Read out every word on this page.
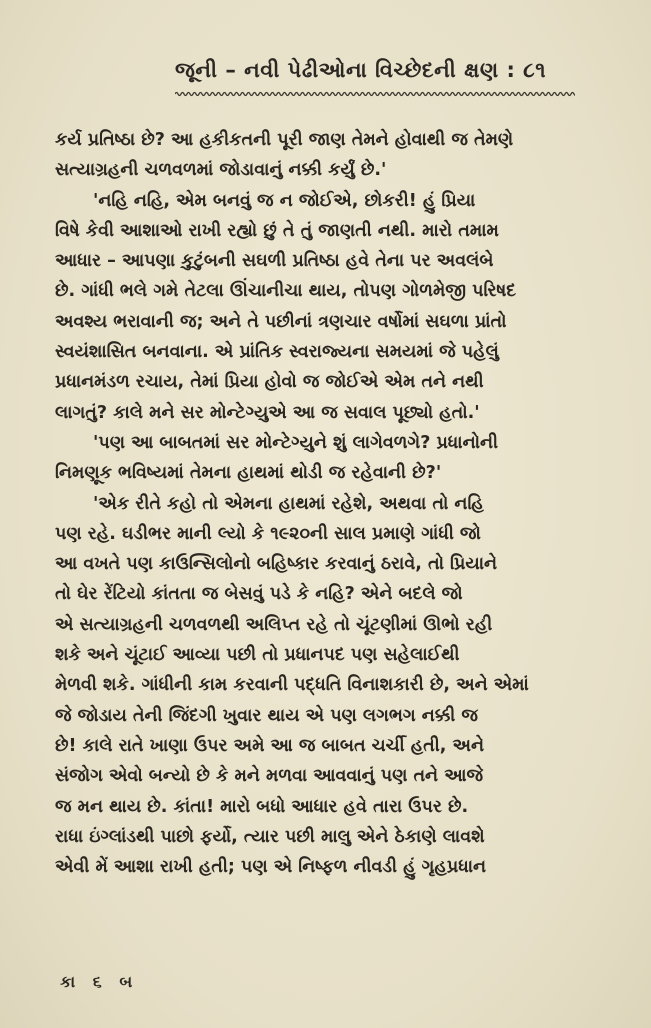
જૂની – નવી પેઢીઓના વિચ્છેદની ક્ષણ : ૮૧
કર્ય પ્રતિષ્ઠા છે? આ હકીકતની પૂરી જાણ તેમને હોવાથી જ તેમણે
સત્યાગ્રહની ચળવળમાં જોડાવાનું નક્કી કર્યું છે.'
'નહિ નહિ, એમ બનવું જ ન જોઈએ, છોકરી! હું પ્રિયા
વિષે કેવી આશાઓ રાખી રહ્યો છું તે તું જાણતી નથી. મારો તમામ
આધાર – આપણા કુટુંબની સઘળી પ્રતિષ્ઠા હવે તેના પર અવલંબે
છે. ગાંધી ભલે ગમે તેટલા ઊંચાનીચા થાય, તોપણ ગોળમેજી પરિષદ
અવશ્ય ભરાવાની જ; અને તે પછીનાં ત્રણચાર વર્ષોમાં સઘળા પ્રાંતો
સ્વયંશાસિત બનવાના. એ પ્રાંતિક સ્વરાજ્યના સમયમાં જે પહેલું
પ્રધાનમંડળ રચાય, તેમાં પ્રિયા હોવો જ જોઈએ એમ તને નથી
લાગતું? કાલે મને સર મોન્ટેગ્યુએ આ જ સવાલ પૂછ્યો હતો.'
'પણ આ બાબતમાં સર મોન્ટેગ્યુને શું લાગેવળગે? પ્રધાનોની
નિમણૂક ભવિષ્યમાં તેમના હાથમાં થોડી જ રહેવાની છે?'
'એક રીતે કહો તો એમના હાથમાં રહેશે, અથવા તો નહિ
પણ રહે. ઘડીભર માની લ્યો કે ૧૯૨૦ની સાલ પ્રમાણે ગાંધી જો
આ વખતે પણ કાઉન્સિલોનો બહિષ્કાર કરવાનું ઠરાવે, તો પ્રિયાને
તો ઘેર રેંટિયો કાંતતા જ બેસવું પડે કે નહિ? એને બદલે જો
એ સત્યાગ્રહની ચળવળથી અલિપ્ત રહે તો ચૂંટણીમાં ઊભો રહી
શકે અને ચૂંટાઈ આવ્યા પછી તો પ્રધાનપદ પણ સહેલાઈથી
મેળવી શકે. ગાંધીની કામ કરવાની પદ્ધતિ વિનાશકારી છે, અને એમાં
જે જોડાય તેની જિંદગી ખુવાર થાય એ પણ લગભગ નક્કી જ
છે! કાલે રાતે ખાણા ઉપર અમે આ જ બાબત ચર્ચી હતી, અને
સંજોગ એવો બન્યો છે કે મને મળવા આવવાનું પણ તને આજે
જ મન થાય છે. કાંતા! મારો બધો આધાર હવે તારા ઉપર છે.
રાધા ઇંગ્લાંડથી પાછો ફર્યો, ત્યાર પછી માલુ એને ઠેકાણે લાવશે
એવી મેં આશા રાખી હતી; પણ એ નિષ્ફળ નીવડી હું ગૃહપ્રધાન
કા ૬ બ
